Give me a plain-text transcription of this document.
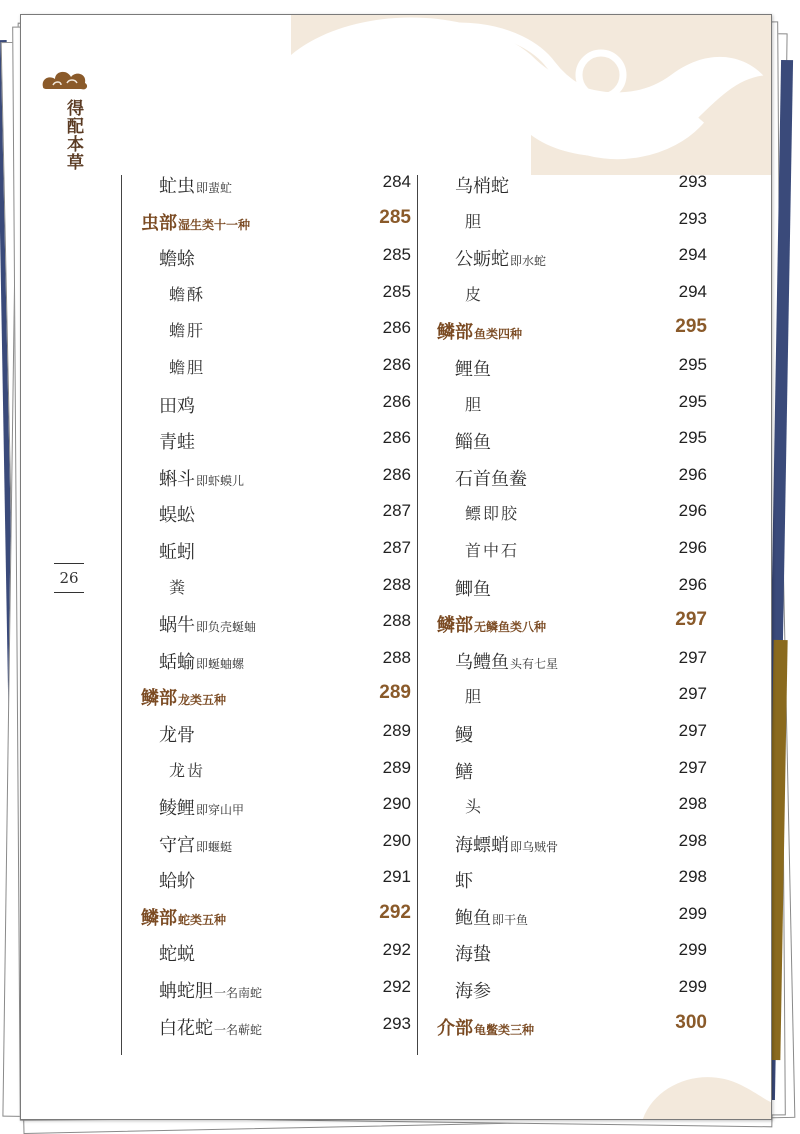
得配本草
26
虻虫即蜚虻	284
虫部湿生类十一种	285
蟾蜍	285
蟾酥	285
蟾肝	286
蟾胆	286
田鸡	286
青蛙	286
蝌斗即虾蟆儿	286
蜈蚣	287
蚯蚓	287
粪	288
蜗牛即负壳蜒蚰	288
蛞蝓即蜒蚰螺	288
鳞部龙类五种	289
龙骨	289
龙齿	289
鲮鲤即穿山甲	290
守宫即蝘蜓	290
蛤蚧	291
鳞部蛇类五种	292
蛇蜕	292
蚺蛇胆一名南蛇	292
白花蛇一名蕲蛇	293
乌梢蛇	293
胆	293
公蛎蛇即水蛇	294
皮	294
鳞部鱼类四种	295
鲤鱼	295
胆	295
鲻鱼	295
石首鱼鲞	296
鳔即胶	296
首中石	296
鲫鱼	296
鳞部无鳞鱼类八种	297
乌鳢鱼头有七星	297
胆	297
鳗	297
鳝	297
头	298
海螵蛸即乌贼骨	298
虾	298
鲍鱼即干鱼	299
海蛰	299
海参	299
介部龟鳖类三种	300
